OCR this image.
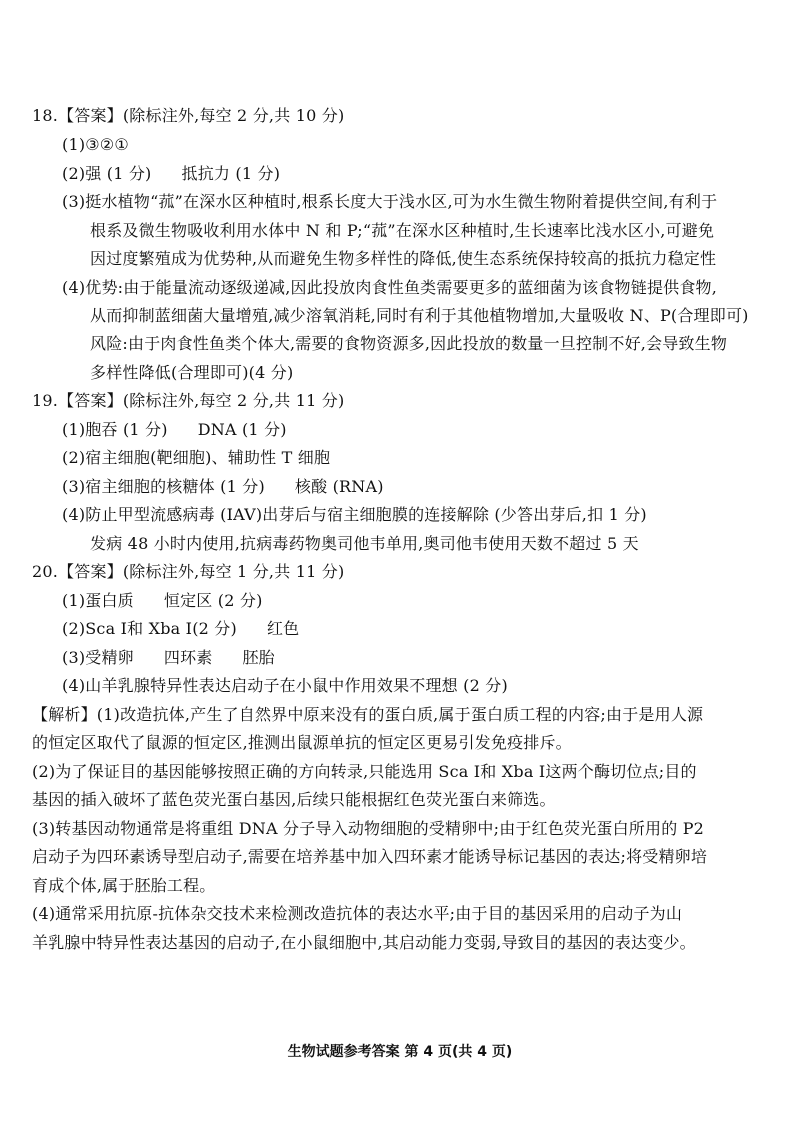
18.【答案】(除标注外,每空 2 分,共 10 分)
(1)③②①
(2)强 (1 分) 抵抗力 (1 分)
(3)挺水植物“菰”在深水区种植时,根系长度大于浅水区,可为水生微生物附着提供空间,有利于
根系及微生物吸收利用水体中 N 和 P;“菰”在深水区种植时,生长速率比浅水区小,可避免
因过度繁殖成为优势种,从而避免生物多样性的降低,使生态系统保持较高的抵抗力稳定性
(4)优势:由于能量流动逐级递减,因此投放肉食性鱼类需要更多的蓝细菌为该食物链提供食物,
从而抑制蓝细菌大量增殖,减少溶氧消耗,同时有利于其他植物增加,大量吸收 N、P(合理即可)
风险:由于肉食性鱼类个体大,需要的食物资源多,因此投放的数量一旦控制不好,会导致生物
多样性降低(合理即可)(4 分)
19.【答案】(除标注外,每空 2 分,共 11 分)
(1)胞吞 (1 分) DNA (1 分)
(2)宿主细胞(靶细胞)、辅助性 T 细胞
(3)宿主细胞的核糖体 (1 分) 核酸 (RNA)
(4)防止甲型流感病毒 (IAV)出芽后与宿主细胞膜的连接解除 (少答出芽后,扣 1 分)
发病 48 小时内使用,抗病毒药物奥司他韦单用,奥司他韦使用天数不超过 5 天
20.【答案】(除标注外,每空 1 分,共 11 分)
(1)蛋白质 恒定区 (2 分)
(2)Sca Ⅰ和 Xba Ⅰ(2 分) 红色
(3)受精卵 四环素 胚胎
(4)山羊乳腺特异性表达启动子在小鼠中作用效果不理想 (2 分)
【解析】(1)改造抗体,产生了自然界中原来没有的蛋白质,属于蛋白质工程的内容;由于是用人源
的恒定区取代了鼠源的恒定区,推测出鼠源单抗的恒定区更易引发免疫排斥。
(2)为了保证目的基因能够按照正确的方向转录,只能选用 Sca Ⅰ和 Xba Ⅰ这两个酶切位点;目的
基因的插入破坏了蓝色荧光蛋白基因,后续只能根据红色荧光蛋白来筛选。
(3)转基因动物通常是将重组 DNA 分子导入动物细胞的受精卵中;由于红色荧光蛋白所用的 P2
启动子为四环素诱导型启动子,需要在培养基中加入四环素才能诱导标记基因的表达;将受精卵培
育成个体,属于胚胎工程。
(4)通常采用抗原-抗体杂交技术来检测改造抗体的表达水平;由于目的基因采用的启动子为山
羊乳腺中特异性表达基因的启动子,在小鼠细胞中,其启动能力变弱,导致目的基因的表达变少。
生物试题参考答案 第 4 页(共 4 页)
